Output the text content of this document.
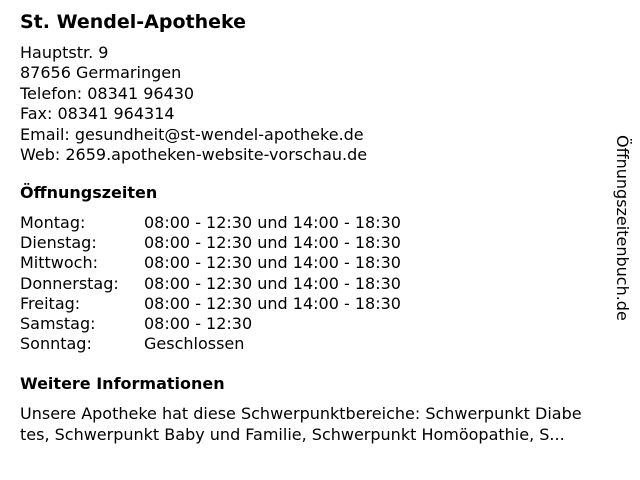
St. Wendel-Apotheke
Hauptstr. 9
87656 Germaringen
Telefon: 08341 96430
Fax: 08341 964314
Email: gesundheit@st-wendel-apotheke.de
Web: 2659.apotheken-website-vorschau.de
Öffnungszeiten
Montag:	08:00 - 12:30 und 14:00 - 18:30
Dienstag:	08:00 - 12:30 und 14:00 - 18:30
Mittwoch:	08:00 - 12:30 und 14:00 - 18:30
Donnerstag: 08:00 - 12:30 und 14:00 - 18:30
Freitag:	08:00 - 12:30 und 14:00 - 18:30
Samstag:	08:00 - 12:30
Sonntag:	Geschlossen
Weitere Informationen
Unsere Apotheke hat diese Schwerpunktbereiche: Schwerpunkt Diabe
tes, Schwerpunkt Baby und Familie, Schwerpunkt Homöopathie, S...
Öffnungszeitenbuch.de
